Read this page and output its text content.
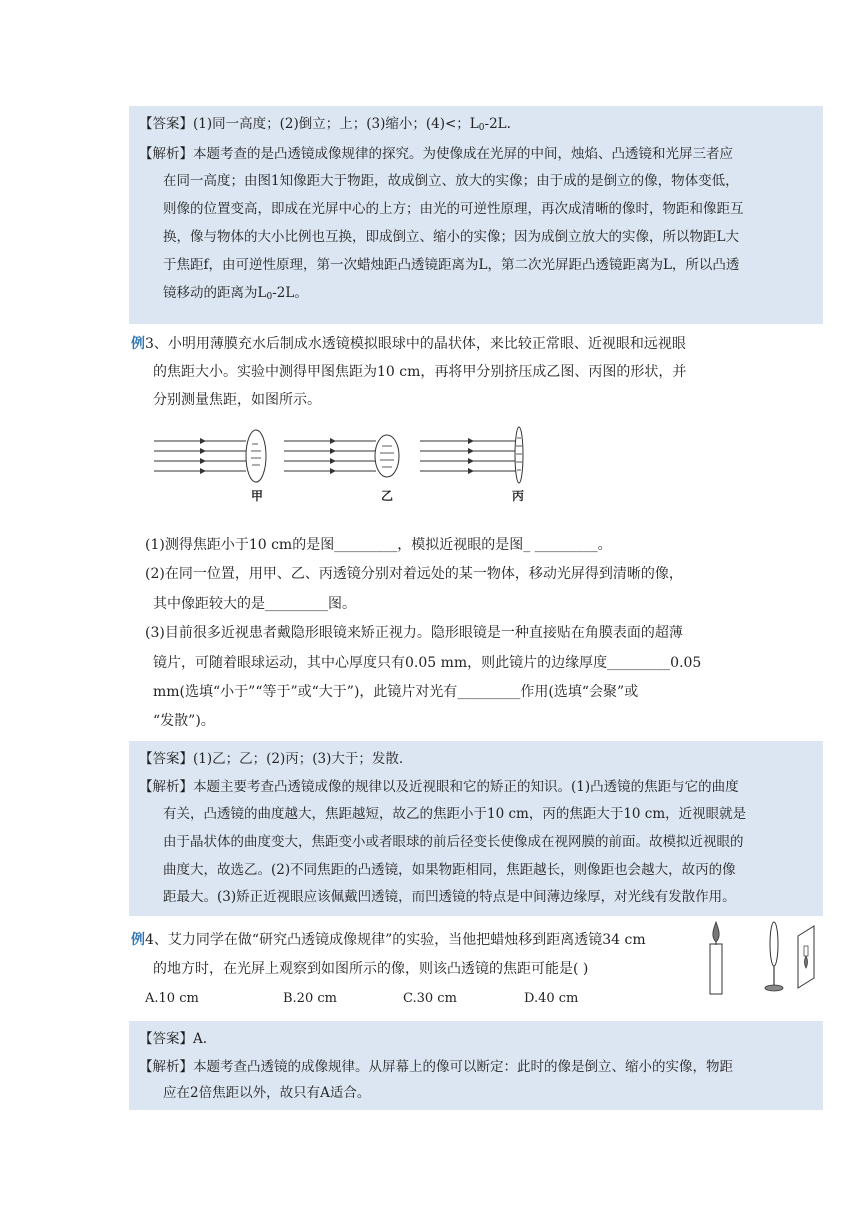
【答案】(1)同一高度；(2)倒立；上；(3)缩小；(4)<；$L_0-2L$.
【解析】本题考查的是凸透镜成像规律的探究。为使像成在光屏的中间，烛焰、凸透镜和光屏三者应
在同一高度；由图1知像距大于物距，故成倒立、放大的实像；由于成的是倒立的像，物体变低，
则像的位置变高，即成在光屏中心的上方；由光的可逆性原理，再次成清晰的像时，物距和像距互
换，像与物体的大小比例也互换，即成倒立、缩小的实像；因为成倒立放大的实像，所以物距L大
于焦距f，由可逆性原理，第一次蜡烛距凸透镜距离为L，第二次光屏距凸透镜距离为L，所以凸透
镜移动的距离为$L_0-2L$。
例3、小明用薄膜充水后制成水透镜模拟眼球中的晶状体，来比较正常眼、近视眼和远视眼
的焦距大小。实验中测得甲图焦距为10 cm，再将甲分别挤压成乙图、丙图的形状，并
分别测量焦距，如图所示。
甲	乙	丙
(1)测得焦距小于10 cm的是图_________，模拟近视眼的是图_ _________。
(2)在同一位置，用甲、乙、丙透镜分别对着远处的某一物体，移动光屏得到清晰的像，
其中像距较大的是_________图。
(3)目前很多近视患者戴隐形眼镜来矫正视力。隐形眼镜是一种直接贴在角膜表面的超薄
镜片，可随着眼球运动，其中心厚度只有0.05 mm，则此镜片的边缘厚度_________0.05
mm(选填“小于”“等于”或“大于”)，此镜片对光有_________作用(选填“会聚”或
“发散”)。
【答案】(1)乙；乙；(2)丙；(3)大于；发散.
【解析】本题主要考查凸透镜成像的规律以及近视眼和它的矫正的知识。(1)凸透镜的焦距与它的曲度
有关，凸透镜的曲度越大，焦距越短，故乙的焦距小于10 cm，丙的焦距大于10 cm，近视眼就是
由于晶状体的曲度变大，焦距变小或者眼球的前后径变长使像成在视网膜的前面。故模拟近视眼的
曲度大，故选乙。(2)不同焦距的凸透镜，如果物距相同，焦距越长，则像距也会越大，故丙的像
距最大。(3)矫正近视眼应该佩戴凹透镜，而凹透镜的特点是中间薄边缘厚，对光线有发散作用。
例4、艾力同学在做“研究凸透镜成像规律”的实验，当他把蜡烛移到距离透镜34 cm
的地方时，在光屏上观察到如图所示的像，则该凸透镜的焦距可能是( )
A.10 cm	B.20 cm	C.30 cm	D.40 cm
【答案】A.
【解析】本题考查凸透镜的成像规律。从屏幕上的像可以断定：此时的像是倒立、缩小的实像，物距
应在2倍焦距以外，故只有A适合。
